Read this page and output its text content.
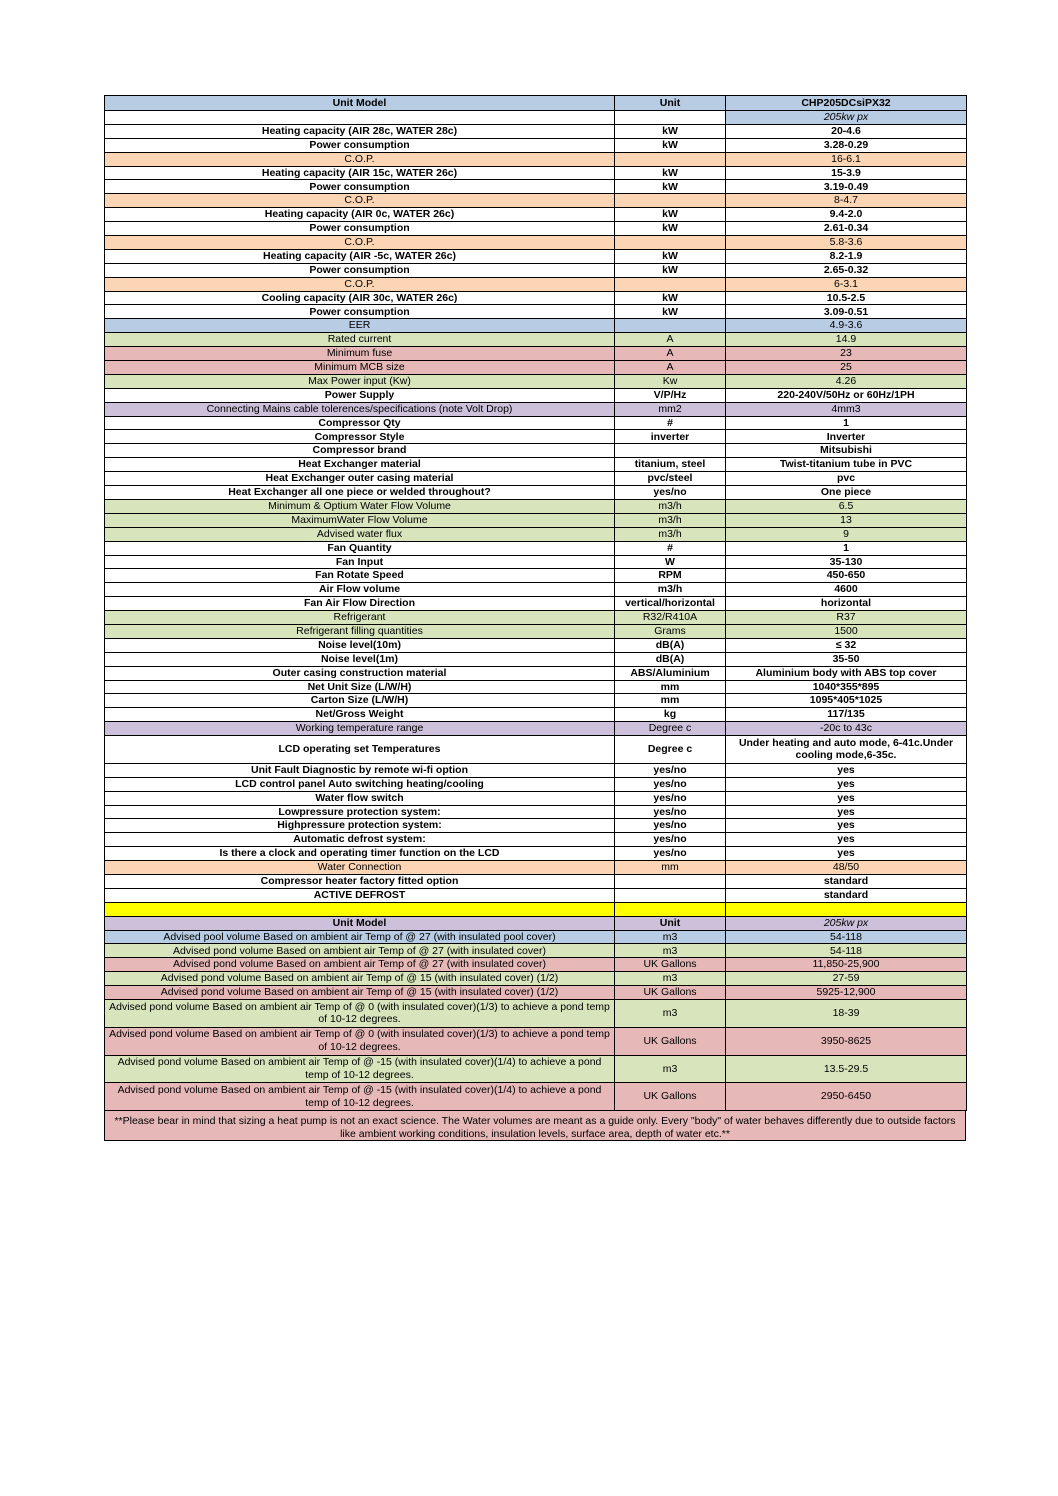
Unit Model	Unit	CHP205DCsiPX32
		205kw px
Heating capacity (AIR 28c, WATER 28c)	kW	20-4.6
Power consumption	kW	3.28-0.29
C.O.P.		16-6.1
Heating capacity (AIR 15c, WATER 26c)	kW	15-3.9
Power consumption	kW	3.19-0.49
C.O.P.		8-4.7
Heating capacity (AIR 0c, WATER 26c)	kW	9.4-2.0
Power consumption	kW	2.61-0.34
C.O.P.		5.8-3.6
Heating capacity (AIR -5c, WATER 26c)	kW	8.2-1.9
Power consumption	kW	2.65-0.32
C.O.P.		6-3.1
Cooling capacity (AIR 30c, WATER 26c)	kW	10.5-2.5
Power consumption	kW	3.09-0.51
EER		4.9-3.6
Rated current	A	14.9
Minimum fuse	A	23
Minimum MCB size	A	25
Max Power input (Kw)	Kw	4.26
Power Supply	V/P/Hz	220-240V/50Hz or 60Hz/1PH
Connecting Mains cable tolerences/specifications (note Volt Drop)	mm2	4mm3
Compressor Qty	#	1
Compressor Style	inverter	Inverter
Compressor brand		Mitsubishi
Heat Exchanger material	titanium, steel	Twist-titanium tube in PVC
Heat Exchanger outer casing material	pvc/steel	pvc
Heat Exchanger all one piece or welded throughout?	yes/no	One piece
Minimum & Optium Water Flow Volume	m3/h	6.5
MaximumWater Flow Volume	m3/h	13
Advised water flux	m3/h	9
Fan Quantity	#	1
Fan Input	W	35-130
Fan Rotate Speed	RPM	450-650
Air Flow volume	m3/h	4600
Fan Air Flow Direction	vertical/horizontal	horizontal
Refrigerant	R32/R410A	R37
Refrigerant filling quantities	Grams	1500
Noise level(10m)	dB(A)	≤ 32
Noise level(1m)	dB(A)	35-50
Outer casing construction material	ABS/Aluminium	Aluminium body with ABS top cover
Net Unit Size (L/W/H)	mm	1040*355*895
Carton Size (L/W/H)	mm	1095*405*1025
Net/Gross Weight	kg	117/135
Working temperature range	Degree c	-20c to 43c
LCD operating set Temperatures	Degree c	Under heating and auto mode, 6-41c.Under cooling mode,6-35c.
Unit Fault Diagnostic by remote wi-fi option	yes/no	yes
LCD control panel Auto switching heating/cooling	yes/no	yes
Water flow switch	yes/no	yes
Lowpressure protection system:	yes/no	yes
Highpressure protection system:	yes/no	yes
Automatic defrost system:	yes/no	yes
Is there a clock and operating timer function on the LCD	yes/no	yes
Water Connection	mm	48/50
Compressor heater factory fitted option		standard
ACTIVE DEFROST		standard

Unit Model	Unit	205kw px
Advised pool volume Based on ambient air Temp of @ 27 (with insulated pool cover)	m3	54-118
Advised pond volume Based on ambient air Temp of @ 27 (with insulated cover)	m3	54-118
Advised pond volume Based on ambient air Temp of @ 27 (with insulated cover)	UK Gallons	11,850-25,900
Advised pond volume Based on ambient air Temp of @ 15 (with insulated cover) (1/2)	m3	27-59
Advised pond volume Based on ambient air Temp of @ 15 (with insulated cover) (1/2)	UK Gallons	5925-12,900
Advised pond volume Based on ambient air Temp of @ 0 (with insulated cover)(1/3) to achieve a pond temp of 10-12 degrees.	m3	18-39
Advised pond volume Based on ambient air Temp of @ 0 (with insulated cover)(1/3) to achieve a pond temp of 10-12 degrees.	UK Gallons	3950-8625
Advised pond volume Based on ambient air Temp of @ -15 (with insulated cover)(1/4) to achieve a pond temp of 10-12 degrees.	m3	13.5-29.5
Advised pond volume Based on ambient air Temp of @ -15 (with insulated cover)(1/4) to achieve a pond temp of 10-12 degrees.	UK Gallons	2950-6450
**Please bear in mind that sizing a heat pump is not an exact science. The Water volumes are meant as a guide only. Every "body" of water behaves differently due to outside factors like ambient working conditions, insulation levels, surface area, depth of water etc.**
